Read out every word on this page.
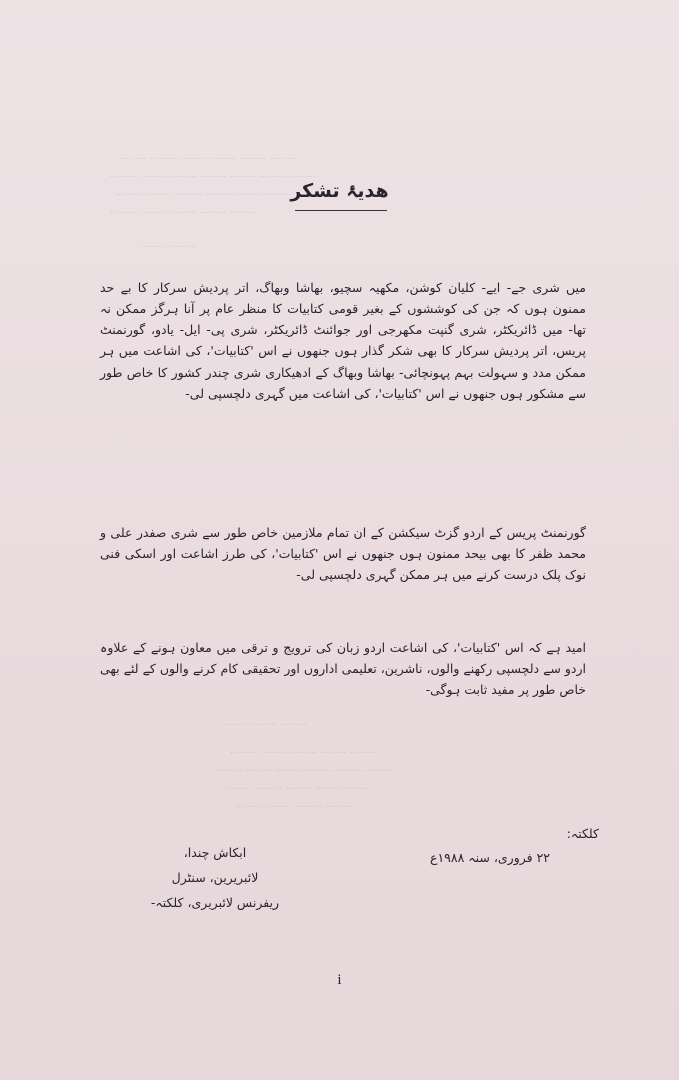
‏……… ……… ……… ……… ……… ………
‏……… ……… ……… ……… ……… ……… ………
‏……… ……… ……… ……… ……… ………
‏……… ……… ……… ……… ………
‏……… ………
‏……… ……… ………
‏……… ……… ……… ……… ………
‏……… ……… ……… ……… ……… ………
‏……… ……… ……… ……… ………
‏……… ……… ……… ………
هدیۂ تشکر

میں شری جے- ایے- کلیان کوشن، مکھیہ سچیو، بھاشا وبھاگ، اتر پردیش سرکار کا بے حد ممنون ہوں کہ جن کی کوششوں کے بغیر قومی کتابیات کا منظر عام پر آنا ہرگز ممکن نہ تھا- میں ڈائریکٹر، شری گنپت مکھرجی اور جوائنٹ ڈائریکٹر، شری پی- ایل- یادو، گورنمنٹ پریس، اتر پردیش سرکار کا بھی شکر گذار ہوں جنھوں نے اس 'کتابیات'، کی اشاعت میں ہر ممکن مدد و سہولت بہم پہونچائی- بھاشا وبھاگ کے ادھیکاری شری چندر کشور کا خاص طور سے مشکور ہوں جنھوں نے اس 'کتابیات'، کی اشاعت میں گہری دلچسپی لی-

گورنمنٹ پریس کے اردو گزٹ سیکشن کے ان تمام ملازمین خاص طور سے شری صفدر علی و محمد ظفر کا بھی بیحد ممنون ہوں جنھوں نے اس 'کتابیات'، کی طرز اشاعت اور اسکی فنی نوک پلک درست کرنے میں ہر ممکن گہری دلچسپی لی-

امید ہے کہ اس 'کتابیات'، کی اشاعت اردو زبان کی ترویج و ترقی میں معاون ہونے کے علاوہ اردو سے دلچسپی رکھنے والوں، ناشرین، تعلیمی اداروں اور تحقیقی کام کرنے والوں کے لئے بھی خاص طور پر مفید ثابت ہوگی-

کلکتہ:
۲۲ فروری، سنہ ۱۹۸۸ع
ابکاش چندا،
لائبریرین، سنٹرل
ریفرنس لائبریری، کلکتہ-
i
